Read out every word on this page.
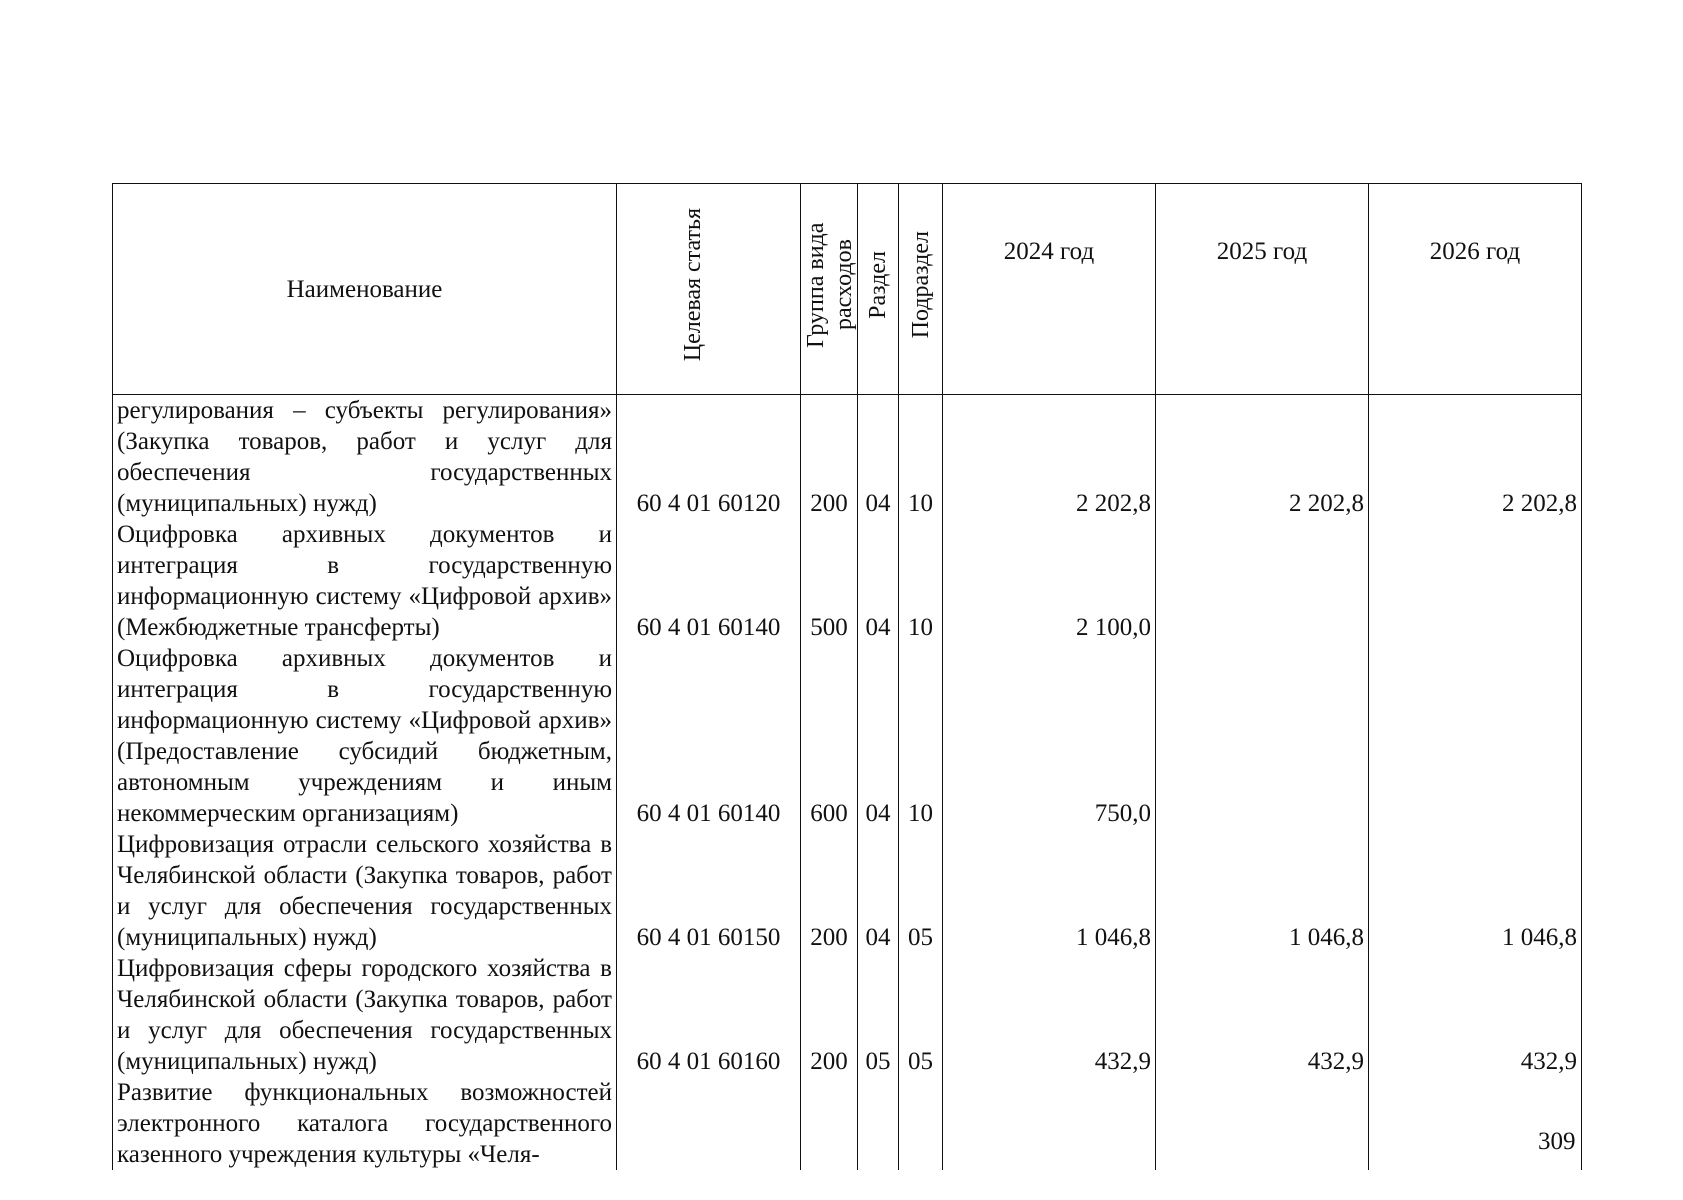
Наименование	Целевая статья	Группа вида расходов	Раздел	Подраздел	2024 год	2025 год	2026 год
регулирования – субъекты регулирования» (Закупка товаров, работ и услуг для обеспечения государственных (муниципальных) нужд)	60 4 01 60120	200	04	10	2 202,8	2 202,8	2 202,8
Оцифровка архивных документов и интеграция в государственную информационную систему «Цифровой архив» (Межбюджетные трансферты)	60 4 01 60140	500	04	10	2 100,0		
Оцифровка архивных документов и интеграция в государственную информационную систему «Цифровой архив» (Предоставление субсидий бюджетным, автономным учреждениям и иным некоммерческим организациям)	60 4 01 60140	600	04	10	750,0		
Цифровизация отрасли сельского хозяйства в Челябинской области (Закупка товаров, работ и услуг для обеспечения государственных (муниципальных) нужд)	60 4 01 60150	200	04	05	1 046,8	1 046,8	1 046,8
Цифровизация сферы городского хозяйства в Челябинской области (Закупка товаров, работ и услуг для обеспечения государственных (муниципальных) нужд)	60 4 01 60160	200	05	05	432,9	432,9	432,9
Развитие функциональных возможностей электронного каталога государственного казенного учреждения культуры «Челя-								309
